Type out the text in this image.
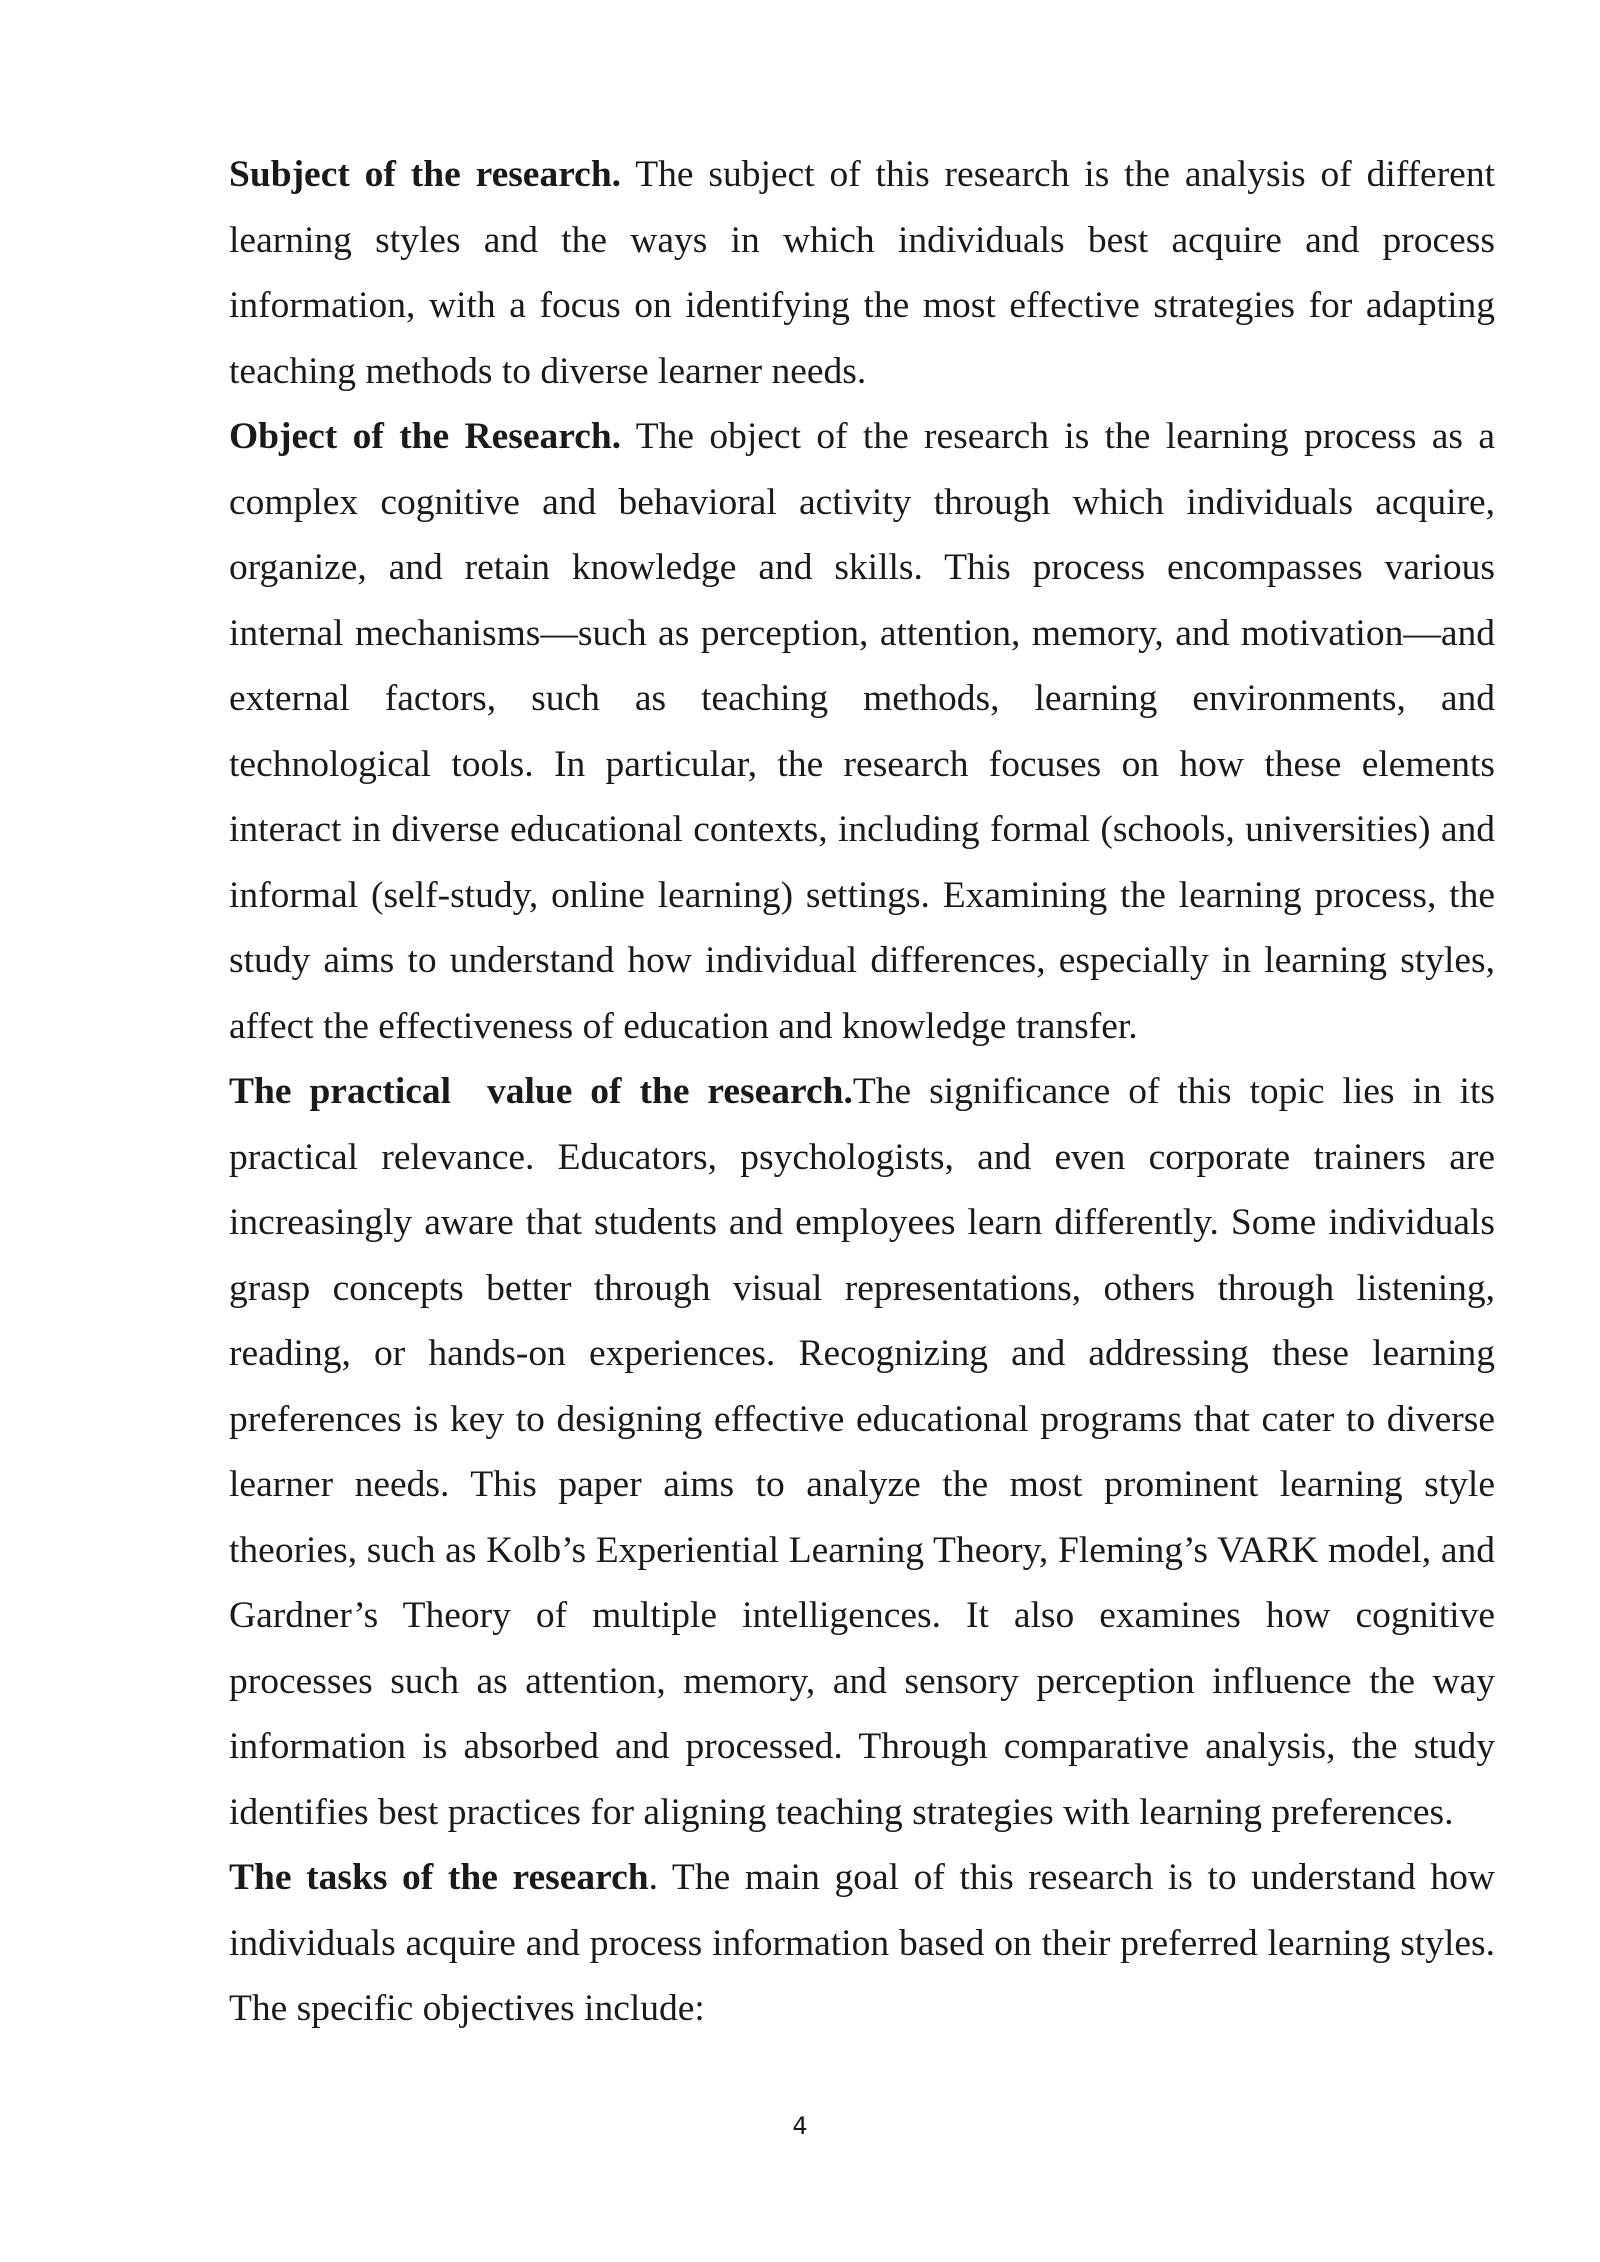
Subject of the research. The subject of this research is the analysis of different learning styles and the ways in which individuals best acquire and process information, with a focus on identifying the most effective strategies for adapting teaching methods to diverse learner needs.

Object of the Research. The object of the research is the learning process as a complex cognitive and behavioral activity through which individuals acquire, organize, and retain knowledge and skills. This process encompasses various internal mechanisms—such as perception, attention, memory, and motivation—and external factors, such as teaching methods, learning environments, and technological tools. In particular, the research focuses on how these elements interact in diverse educational contexts, including formal (schools, universities) and informal (self-study, online learning) settings. Examining the learning process, the study aims to understand how individual differences, especially in learning styles, affect the effectiveness of education and knowledge transfer.

The practical  value of the research.The significance of this topic lies in its practical relevance. Educators, psychologists, and even corporate trainers are increasingly aware that students and employees learn differently. Some individuals grasp concepts better through visual representations, others through listening, reading, or hands-on experiences. Recognizing and addressing these learning preferences is key to designing effective educational programs that cater to diverse learner needs. This paper aims to analyze the most prominent learning style theories, such as Kolb’s Experiential Learning Theory, Fleming’s VARK model, and Gardner’s Theory of multiple intelligences. It also examines how cognitive processes such as attention, memory, and sensory perception influence the way information is absorbed and processed. Through comparative analysis, the study identifies best practices for aligning teaching strategies with learning preferences.

The tasks of the research. The main goal of this research is to understand how individuals acquire and process information based on their preferred learning styles. The specific objectives include:

4
